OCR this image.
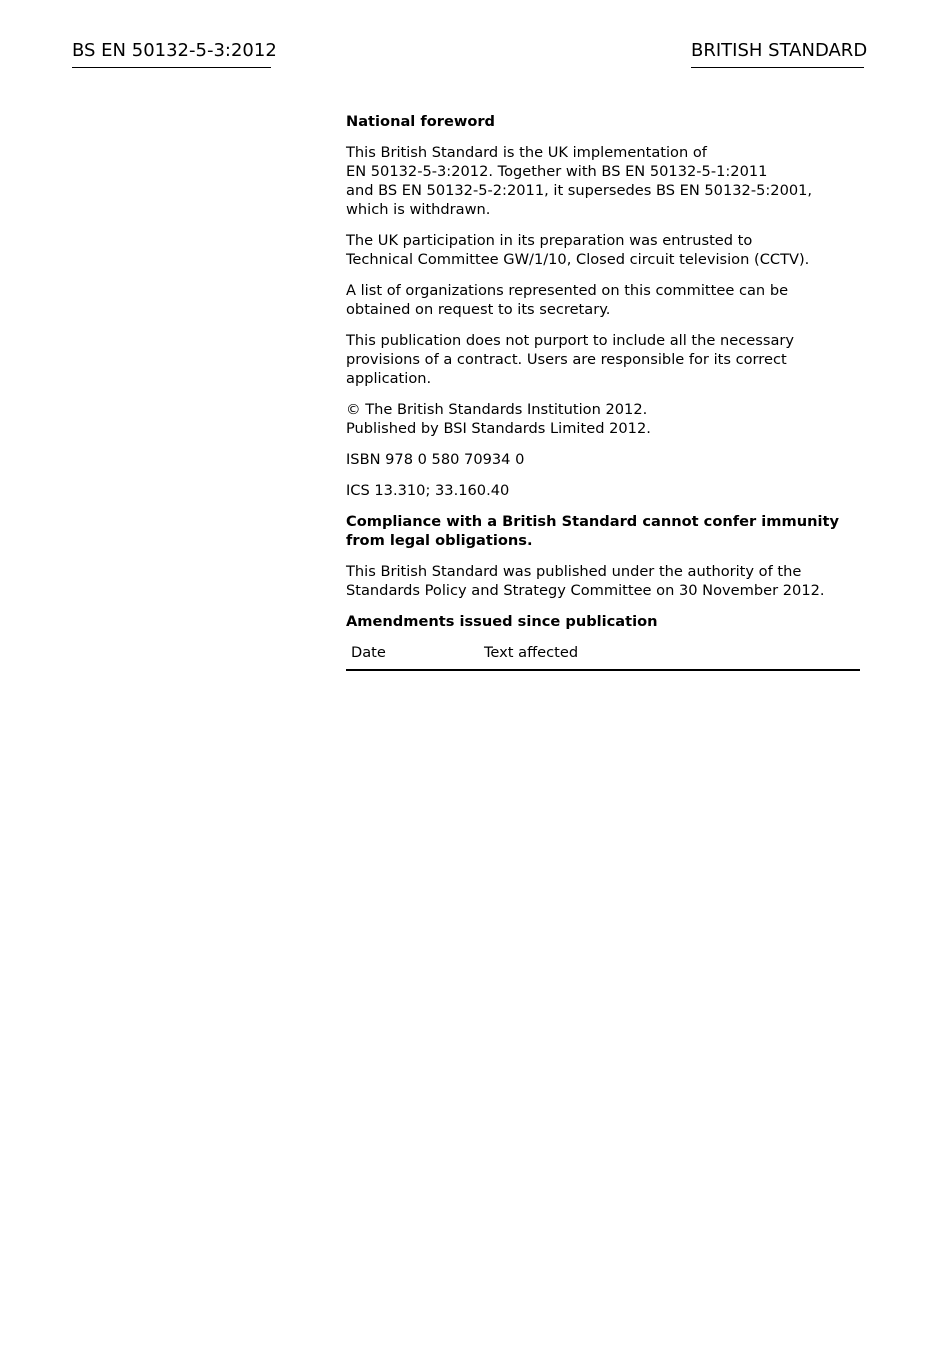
BS EN 50132-5-3:2012	BRITISH STANDARD

National foreword

This British Standard is the UK implementation of
EN 50132-5-3:2012. Together with BS EN 50132-5-1:2011
and BS EN 50132-5-2:2011, it supersedes BS EN 50132-5:2001,
which is withdrawn.

The UK participation in its preparation was entrusted to
Technical Committee GW/1/10, Closed circuit television (CCTV).

A list of organizations represented on this committee can be
obtained on request to its secretary.

This publication does not purport to include all the necessary
provisions of a contract. Users are responsible for its correct
application.

© The British Standards Institution 2012.
Published by BSI Standards Limited 2012.

ISBN 978 0 580 70934 0

ICS 13.310; 33.160.40

Compliance with a British Standard cannot confer immunity
from legal obligations.

This British Standard was published under the authority of the
Standards Policy and Strategy Committee on 30 November 2012.

Amendments issued since publication

Date	Text affected
